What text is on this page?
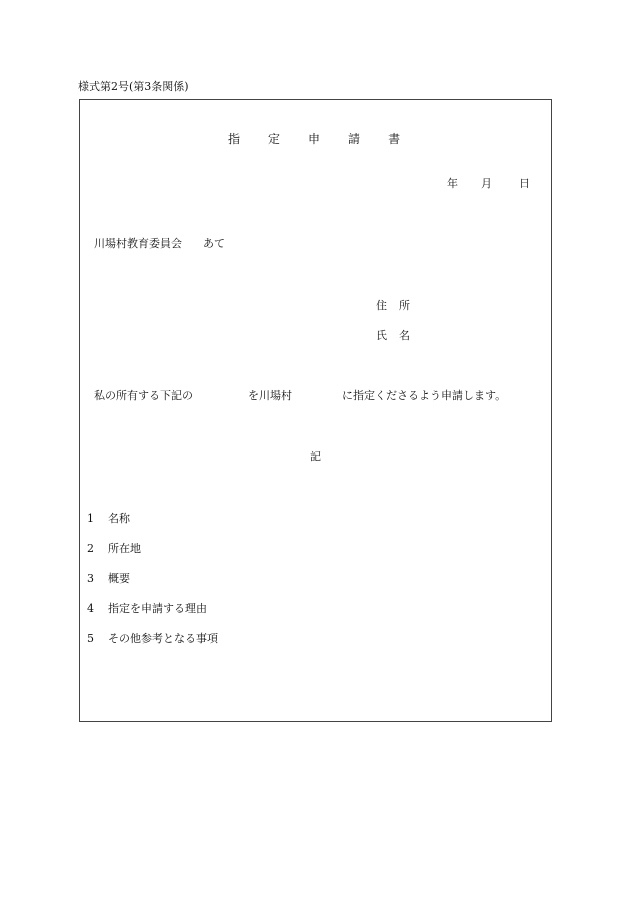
様式第2号(第3条関係)
指 定 申 請 書
年 月 日
川場村教育委員会 あて
住 所
氏 名
私の所有する下記の	を川場村	に指定くださるよう申請します。
記
1 名称
2 所在地
3 概要
4 指定を申請する理由
5 その他参考となる事項
